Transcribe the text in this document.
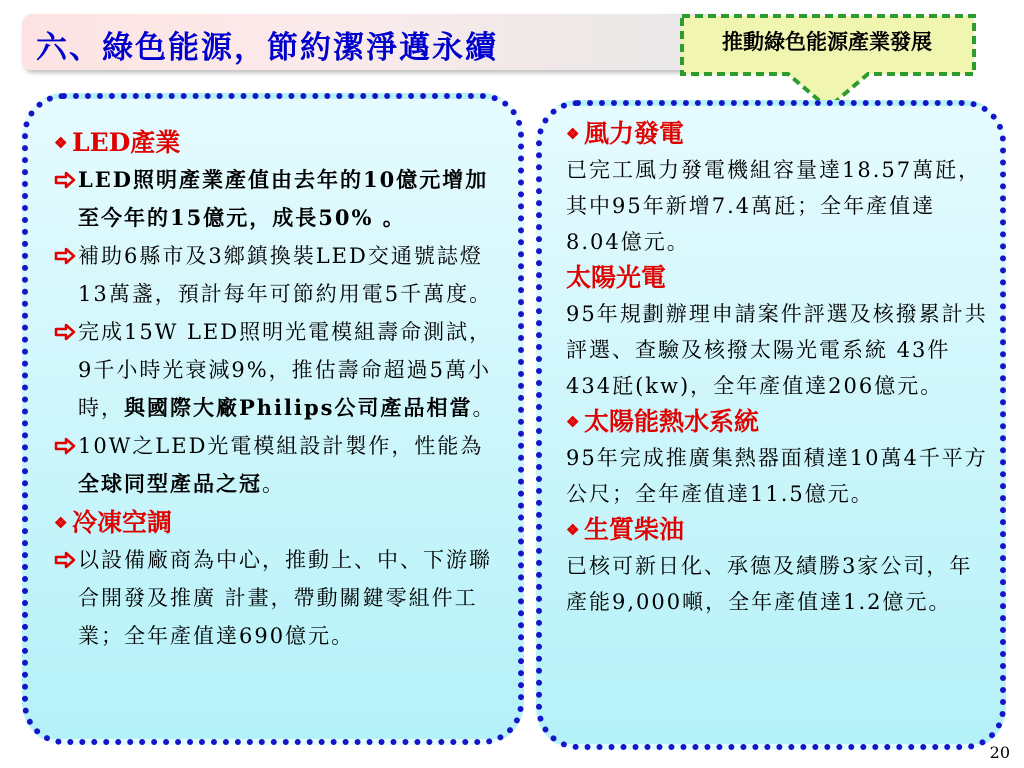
六、綠色能源，節約潔淨邁永續	推動綠色能源產業發展
❖ LED產業
LED照明產業產值由去年的10億元增加至今年的15億元，成長50% 。
補助6縣市及3鄉鎮換裝LED交通號誌燈13萬盞，預計每年可節約用電5千萬度。
完成15W LED照明光電模組壽命測試，9千小時光衰減9%，推估壽命超過5萬小時，與國際大廠Philips公司產品相當。
10W之LED光電模組設計製作，性能為全球同型產品之冠。
❖ 冷凍空調
以設備廠商為中心，推動上、中、下游聯合開發及推廣 計畫，帶動關鍵零組件工業；全年產值達690億元。
❖ 風力發電
已完工風力發電機組容量達18.57萬瓩，其中95年新增7.4萬瓩；全年產值達8.04億元。
太陽光電
95年規劃辦理申請案件評選及核撥累計共評選、查驗及核撥太陽光電系統 43件434瓩(kw)，全年產值達206億元。
❖ 太陽能熱水系統
95年完成推廣集熱器面積達10萬4千平方公尺；全年產值達11.5億元。
❖ 生質柴油
已核可新日化、承德及績勝3家公司，年產能9,000噸，全年產值達1.2億元。
20
